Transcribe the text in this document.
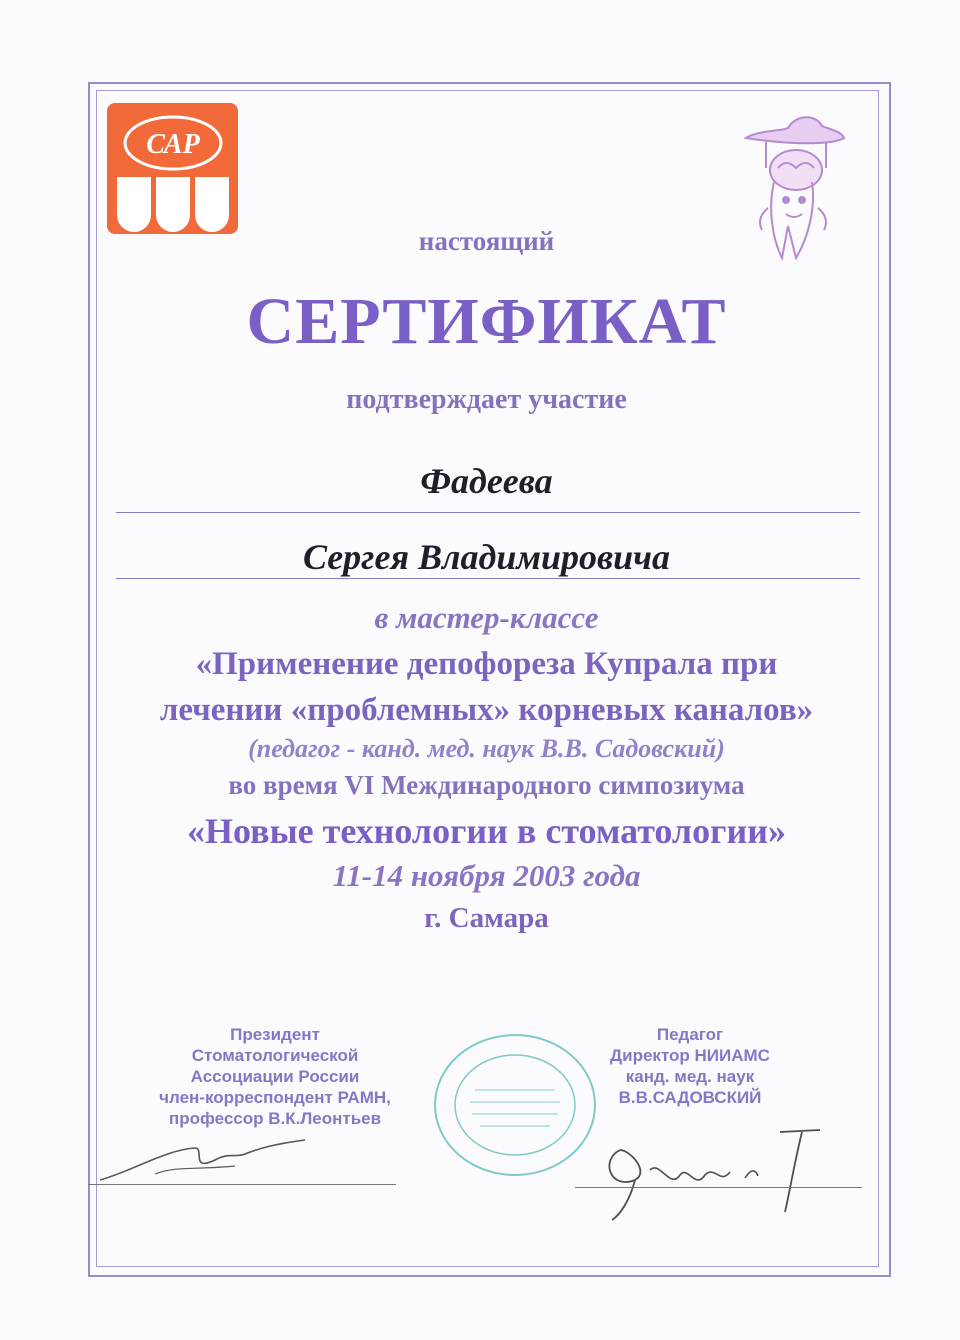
САР
настоящий
СЕРТИФИКАТ
подтверждает участие
Фадеева
Сергея Владимировича
в мастер-классе
«Применение депофореза Купрала при
лечении «проблемных» корневых каналов»
(педагог - канд. мед. наук В.В. Садовский)
во время VI Междинародного симпозиума
«Новые технологии в стоматологии»
11-14 ноября 2003 года
г. Самара
Президент
Стоматологической
Ассоциации России
член-корреспондент РАМН,
профессор В.К.Леонтьев
Педагог
Директор НИИАМС
канд. мед. наук
В.В.САДОВСКИЙ
